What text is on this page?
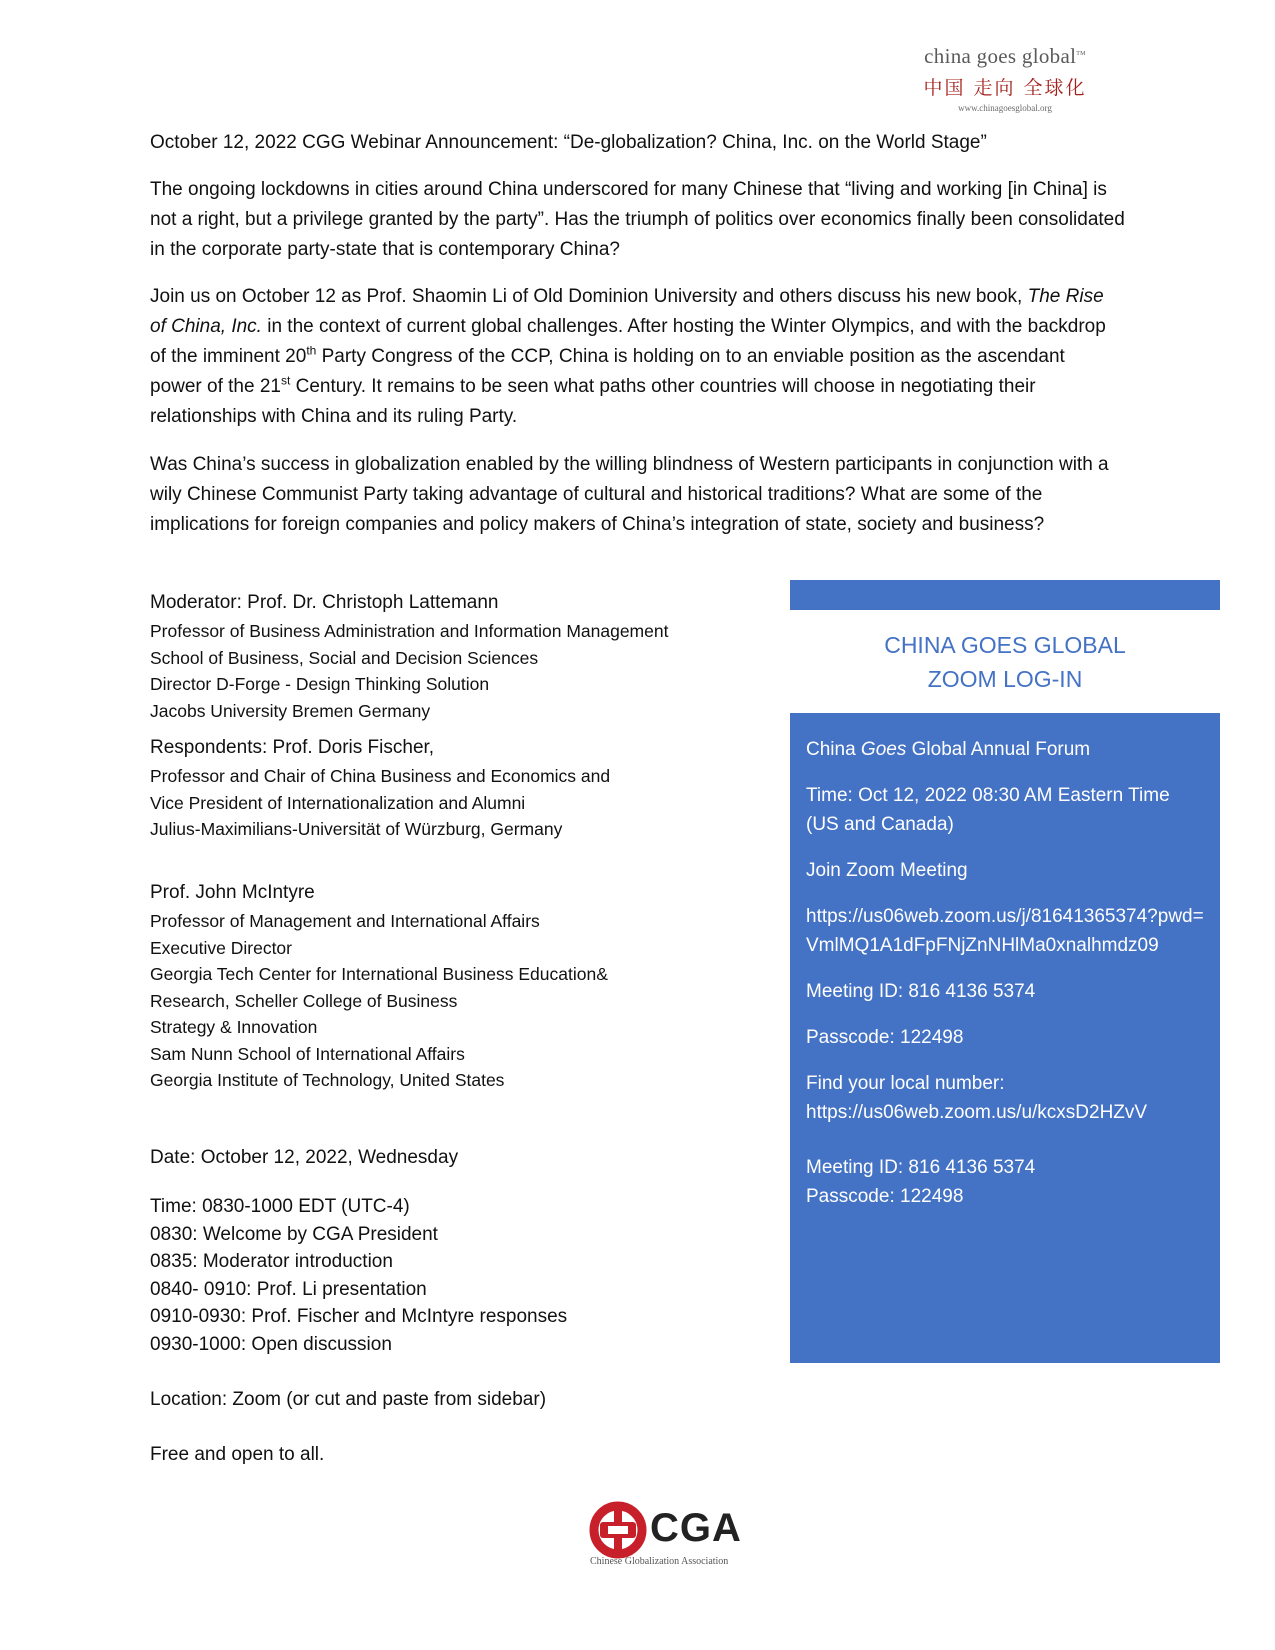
china goes global™
中国 走向 全球化
www.chinagoesglobal.org

October 12, 2022 CGG Webinar Announcement: “De-globalization? China, Inc. on the World Stage”

The ongoing lockdowns in cities around China underscored for many Chinese that “living and working [in China] is not a right, but a privilege granted by the party”. Has the triumph of politics over economics finally been consolidated in the corporate party-state that is contemporary China?

Join us on October 12 as Prof. Shaomin Li of Old Dominion University and others discuss his new book, The Rise of China, Inc. in the context of current global challenges. After hosting the Winter Olympics, and with the backdrop of the imminent 20th Party Congress of the CCP, China is holding on to an enviable position as the ascendant power of the 21st Century. It remains to be seen what paths other countries will choose in negotiating their relationships with China and its ruling Party.

Was China’s success in globalization enabled by the willing blindness of Western participants in conjunction with a wily Chinese Communist Party taking advantage of cultural and historical traditions? What are some of the implications for foreign companies and policy makers of China’s integration of state, society and business?

Moderator: Prof. Dr. Christoph Lattemann
Professor of Business Administration and Information Management
School of Business, Social and Decision Sciences
Director D-Forge - Design Thinking Solution
Jacobs University Bremen Germany
Respondents: Prof. Doris Fischer,
Professor and Chair of China Business and Economics and
Vice President of Internationalization and Alumni
Julius-Maximilians-Universität of Würzburg, Germany
Prof. John McIntyre
Professor of Management and International Affairs
Executive Director
Georgia Tech Center for International Business Education&
Research, Scheller College of Business
Strategy & Innovation
Sam Nunn School of International Affairs
Georgia Institute of Technology, United States
Date: October 12, 2022, Wednesday
Time: 0830-1000 EDT (UTC-4)
0830: Welcome by CGA President
0835: Moderator introduction
0840- 0910: Prof. Li presentation
0910-0930: Prof. Fischer and McIntyre responses
0930-1000: Open discussion
Location: Zoom (or cut and paste from sidebar)
Free and open to all.
CHINA GOES GLOBAL
ZOOM LOG-IN

China Goes Global Annual Forum

Time: Oct 12, 2022 08:30 AM Eastern Time (US and Canada)

Join Zoom Meeting

https://us06web.zoom.us/j/81641365374?pwd=VmlMQ1A1dFpFNjZnNHlMa0xnalhmdz09

Meeting ID: 816 4136 5374

Passcode: 122498

Find your local number:
https://us06web.zoom.us/u/kcxsD2HZvV

Meeting ID: 816 4136 5374
Passcode: 122498

CGA
Chinese Globalization Association
